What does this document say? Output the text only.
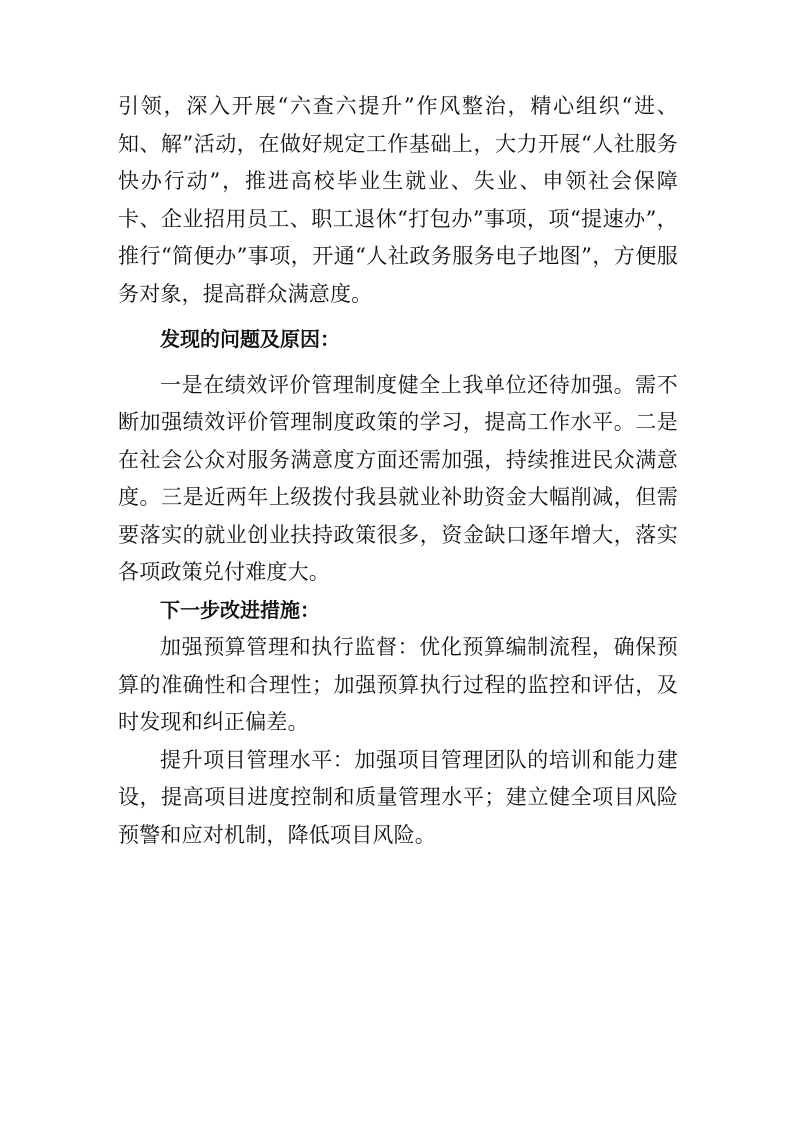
引领，深入开展“六查六提升”作风整治，精心组织“进、知、解”活动，在做好规定工作基础上，大力开展“人社服务快办行动”，推进高校毕业生就业、失业、申领社会保障卡、企业招用员工、职工退休“打包办”事项，项“提速办”，推行“简便办”事项，开通“人社政务服务电子地图”，方便服务对象，提高群众满意度。

发现的问题及原因：

一是在绩效评价管理制度健全上我单位还待加强。需不断加强绩效评价管理制度政策的学习，提高工作水平。二是在社会公众对服务满意度方面还需加强，持续推进民众满意度。三是近两年上级拨付我县就业补助资金大幅削减，但需要落实的就业创业扶持政策很多，资金缺口逐年增大，落实各项政策兑付难度大。

下一步改进措施：

加强预算管理和执行监督：优化预算编制流程，确保预算的准确性和合理性；加强预算执行过程的监控和评估，及时发现和纠正偏差。

提升项目管理水平：加强项目管理团队的培训和能力建设，提高项目进度控制和质量管理水平；建立健全项目风险预警和应对机制，降低项目风险。
